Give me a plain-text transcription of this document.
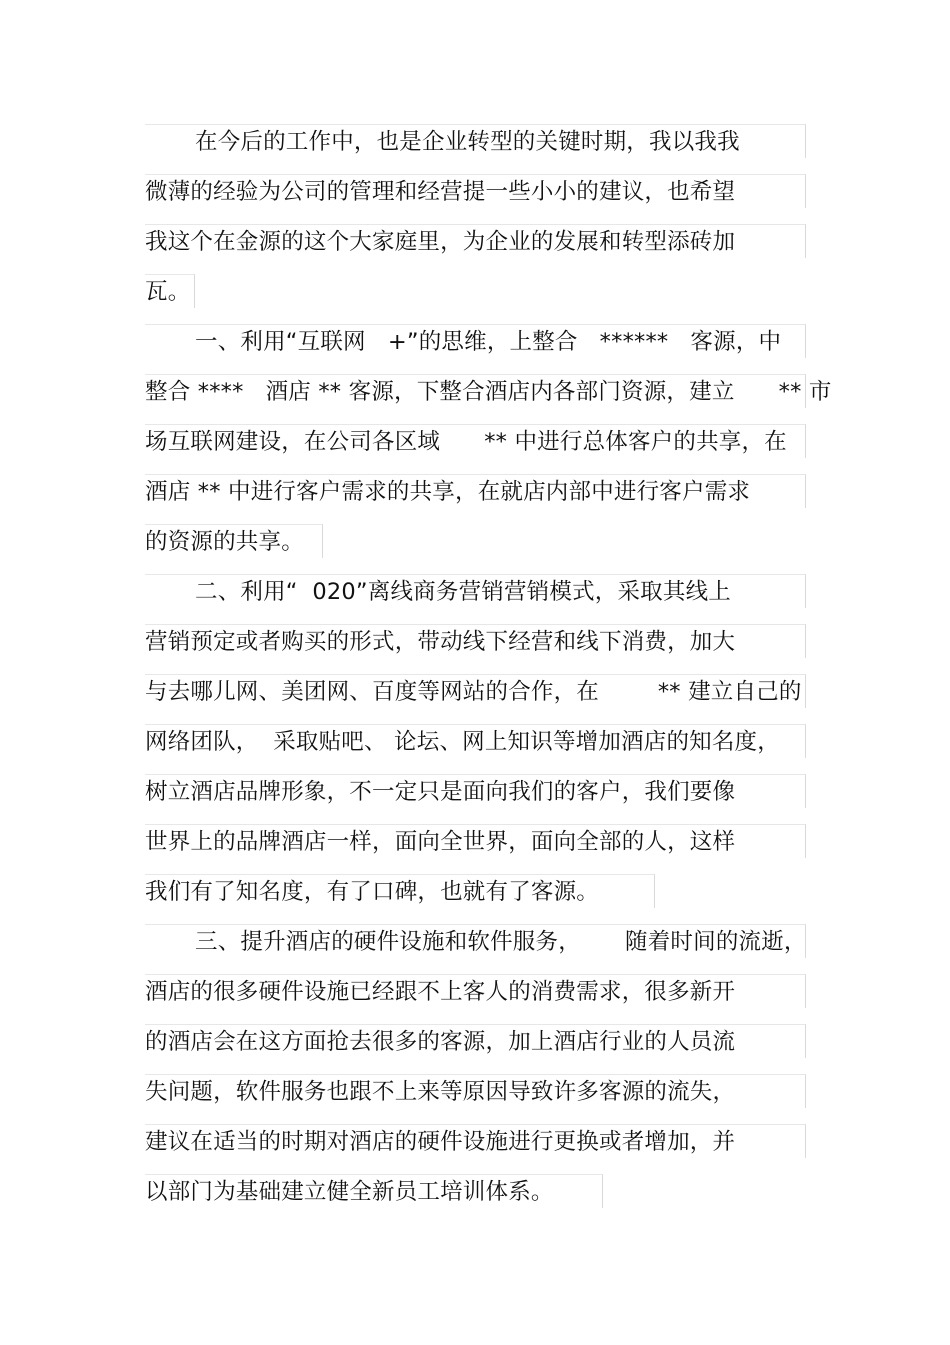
在今后的工作中，也是企业转型的关键时期，我以我我
微薄的经验为公司的管理和经营提一些小小的建议，也希望
我这个在金源的这个大家庭里，为企业的发展和转型添砖加
瓦。
一、利用“互联网   +”的思维，上整合   ******   客源，中
整合 ****   酒店 ** 客源，下整合酒店内各部门资源，建立      ** 市
场互联网建设，在公司各区域      ** 中进行总体客户的共享，在
酒店 ** 中进行客户需求的共享，在就店内部中进行客户需求
的资源的共享。
二、利用“  020”离线商务营销营销模式，采取其线上
营销预定或者购买的形式，带动线下经营和线下消费，加大
与去哪儿网、美团网、百度等网站的合作，在        ** 建立自己的
网络团队，  采取贴吧、 论坛、网上知识等增加酒店的知名度，
树立酒店品牌形象，不一定只是面向我们的客户，我们要像
世界上的品牌酒店一样，面向全世界，面向全部的人，这样
我们有了知名度，有了口碑，也就有了客源。
三、提升酒店的硬件设施和软件服务，      随着时间的流逝，
酒店的很多硬件设施已经跟不上客人的消费需求，很多新开
的酒店会在这方面抢去很多的客源，加上酒店行业的人员流
失问题，软件服务也跟不上来等原因导致许多客源的流失，
建议在适当的时期对酒店的硬件设施进行更换或者增加，并
以部门为基础建立健全新员工培训体系。
